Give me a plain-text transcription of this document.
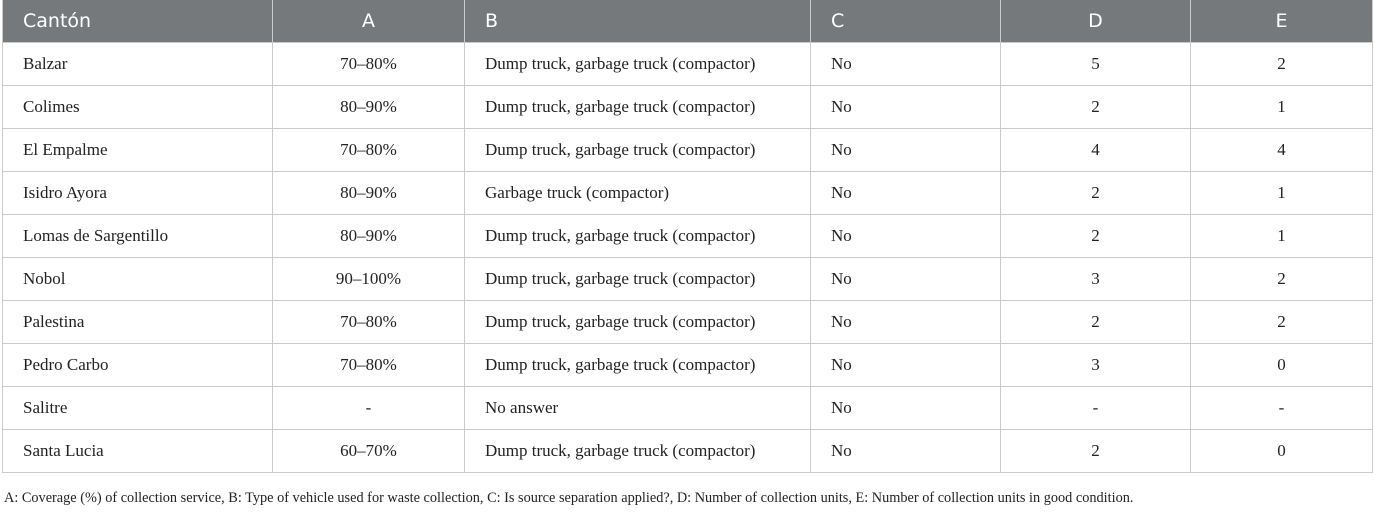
Cantón	A	B	C	D	E
Balzar	70–80%	Dump truck, garbage truck (compactor)	No	5	2
Colimes	80–90%	Dump truck, garbage truck (compactor)	No	2	1
El Empalme	70–80%	Dump truck, garbage truck (compactor)	No	4	4
Isidro Ayora	80–90%	Garbage truck (compactor)	No	2	1
Lomas de Sargentillo	80–90%	Dump truck, garbage truck (compactor)	No	2	1
Nobol	90–100%	Dump truck, garbage truck (compactor)	No	3	2
Palestina	70–80%	Dump truck, garbage truck (compactor)	No	2	2
Pedro Carbo	70–80%	Dump truck, garbage truck (compactor)	No	3	0
Salitre	-	No answer	No	-	-
Santa Lucia	60–70%	Dump truck, garbage truck (compactor)	No	2	0
A: Coverage (%) of collection service, B: Type of vehicle used for waste collection, C: Is source separation applied?, D: Number of collection units, E: Number of collection units in good condition.
